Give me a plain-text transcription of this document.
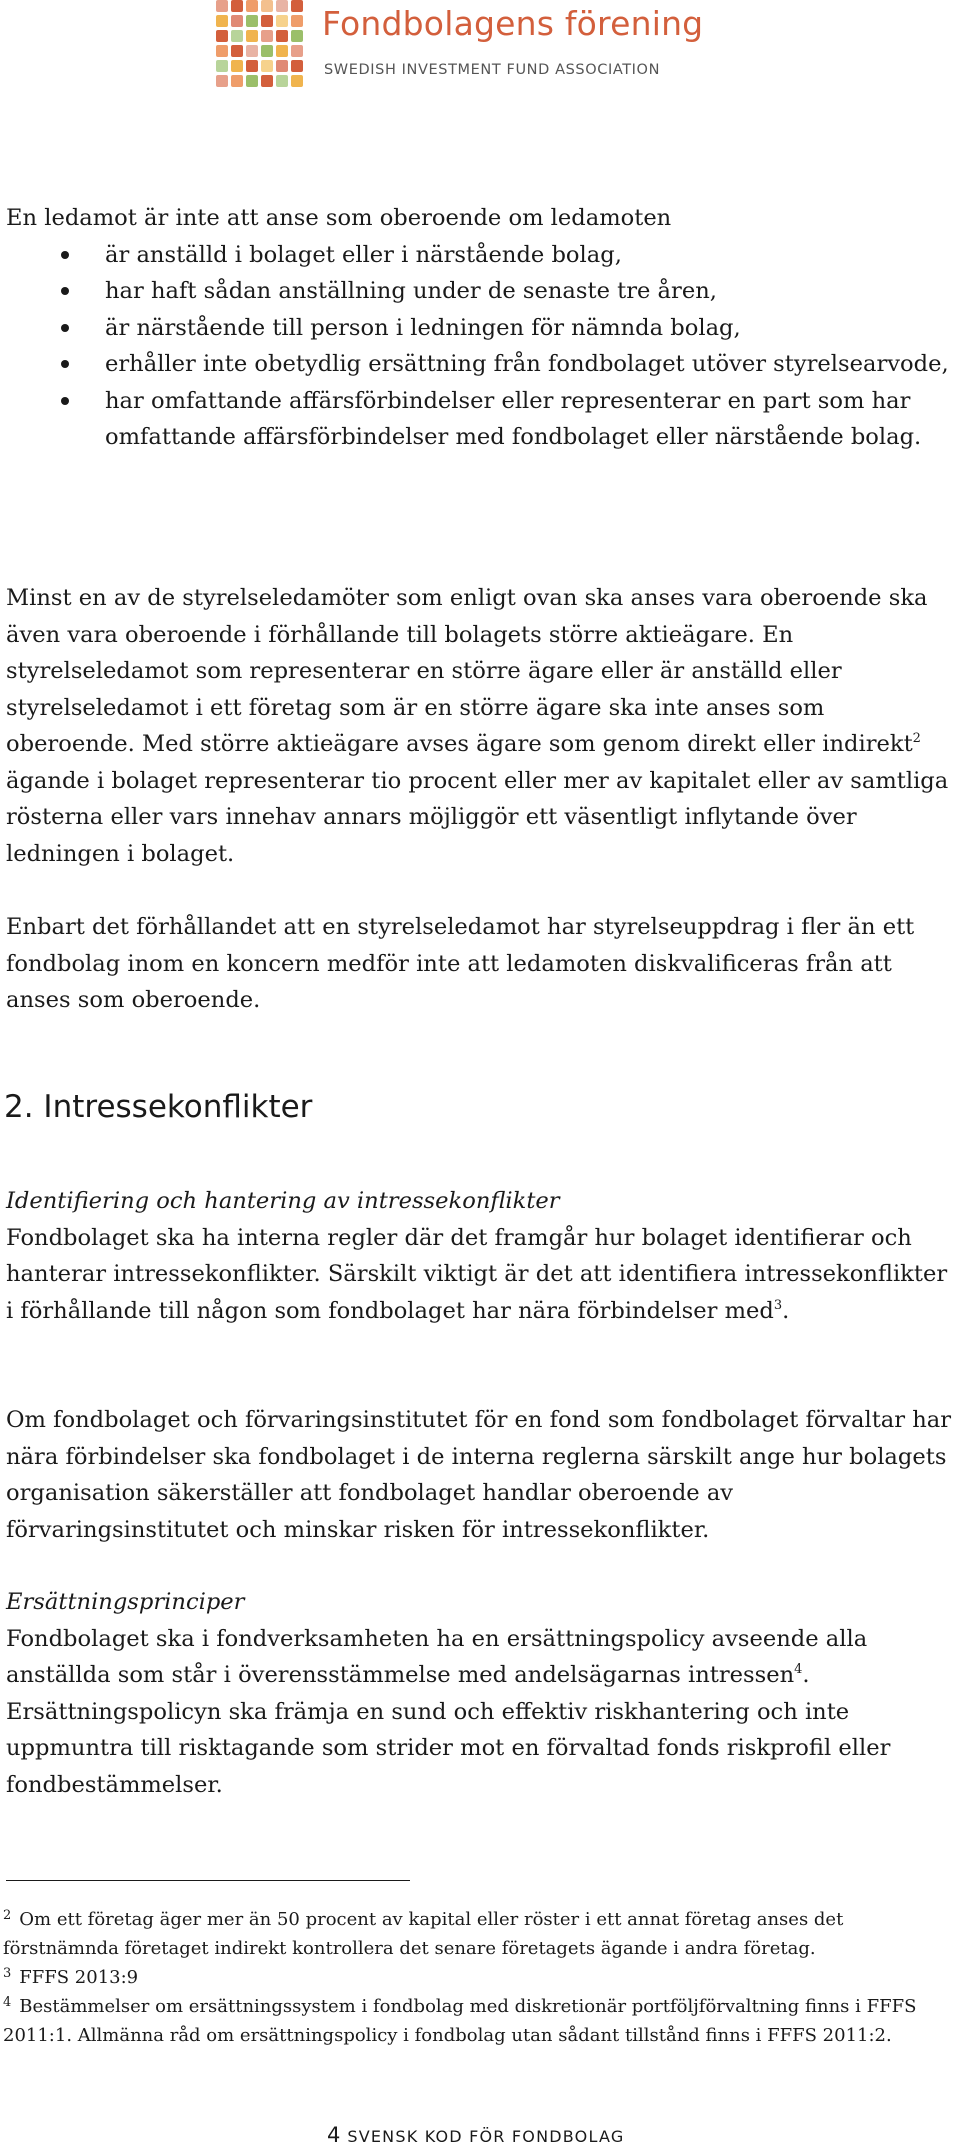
Fondbolagens förening
SWEDISH INVESTMENT FUND ASSOCIATION

En ledamot är inte att anse som oberoende om ledamoten

är anställd i bolaget eller i närstående bolag,
har haft sådan anställning under de senaste tre åren,
är närstående till person i ledningen för nämnda bolag,
erhåller inte obetydlig ersättning från fondbolaget utöver styrelsearvode,
har omfattande affärsförbindelser eller representerar en part som har omfattande affärsförbindelser med fondbolaget eller närstående bolag.

Minst en av de styrelseledamöter som enligt ovan ska anses vara oberoende ska även vara oberoende i förhållande till bolagets större aktieägare. En styrelseledamot som representerar en större ägare eller är anställd eller styrelseledamot i ett företag som är en större ägare ska inte anses som oberoende. Med större aktieägare avses ägare som genom direkt eller indirekt$^2$ ägande i bolaget representerar tio procent eller mer av kapitalet eller av samtliga rösterna eller vars innehav annars möjliggör ett väsentligt inflytande över ledningen i bolaget.

Enbart det förhållandet att en styrelseledamot har styrelseuppdrag i fler än ett fondbolag inom en koncern medför inte att ledamoten diskvalificeras från att anses som oberoende.

2. Intressekonflikter

Identifiering och hantering av intressekonflikter

Fondbolaget ska ha interna regler där det framgår hur bolaget identifierar och hanterar intressekonflikter. Särskilt viktigt är det att identifiera intressekonflikter i förhållande till någon som fondbolaget har nära förbindelser med$^3$.

Om fondbolaget och förvaringsinstitutet för en fond som fondbolaget förvaltar har nära förbindelser ska fondbolaget i de interna reglerna särskilt ange hur bolagets organisation säkerställer att fondbolaget handlar oberoende av förvaringsinstitutet och minskar risken för intressekonflikter.

Ersättningsprinciper

Fondbolaget ska i fondverksamheten ha en ersättningspolicy avseende alla anställda som står i överensstämmelse med andelsägarnas intressen$^4$. Ersättningspolicyn ska främja en sund och effektiv riskhantering och inte uppmuntra till risktagande som strider mot en förvaltad fonds riskprofil eller fondbestämmelser.

$^2$ Om ett företag äger mer än 50 procent av kapital eller röster i ett annat företag anses det förstnämnda företaget indirekt kontrollera det senare företagets ägande i andra företag.

$^3$ FFFS 2013:9

$^4$ Bestämmelser om ersättningssystem i fondbolag med diskretionär portföljförvaltning finns i FFFS 2011:1. Allmänna råd om ersättningspolicy i fondbolag utan sådant tillstånd finns i FFFS 2011:2.

4 SVENSK KOD FÖR FONDBOLAG
